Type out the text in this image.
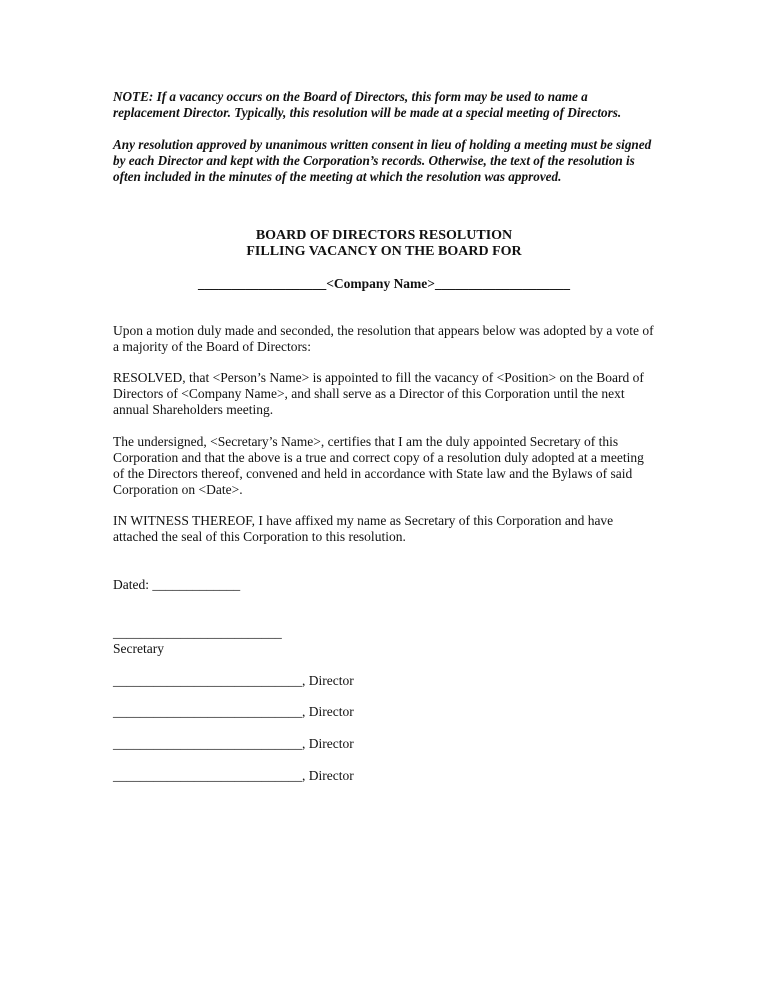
NOTE: If a vacancy occurs on the Board of Directors, this form may be used to name a replacement Director. Typically, this resolution will be made at a special meeting of Directors.

Any resolution approved by unanimous written consent in lieu of holding a meeting must be signed by each Director and kept with the Corporation’s records. Otherwise, the text of the resolution is often included in the minutes of the meeting at which the resolution was approved.

BOARD OF DIRECTORS RESOLUTION

FILLING VACANCY ON THE BOARD FOR

___________________<Company Name>____________________

Upon a motion duly made and seconded, the resolution that appears below was adopted by a vote of a majority of the Board of Directors:

RESOLVED, that <Person’s Name> is appointed to fill the vacancy of <Position> on the Board of Directors of <Company Name>, and shall serve as a Director of this Corporation until the next annual Shareholders meeting.

The undersigned, <Secretary’s Name>, certifies that I am the duly appointed Secretary of this Corporation and that the above is a true and correct copy of a resolution duly adopted at a meeting of the Directors thereof, convened and held in accordance with State law and the Bylaws of said Corporation on <Date>.

IN WITNESS THEREOF, I have affixed my name as Secretary of this Corporation and have attached the seal of this Corporation to this resolution.

Dated: _____________
_________________________
Secretary
____________________________, Director
____________________________, Director
____________________________, Director
____________________________, Director
